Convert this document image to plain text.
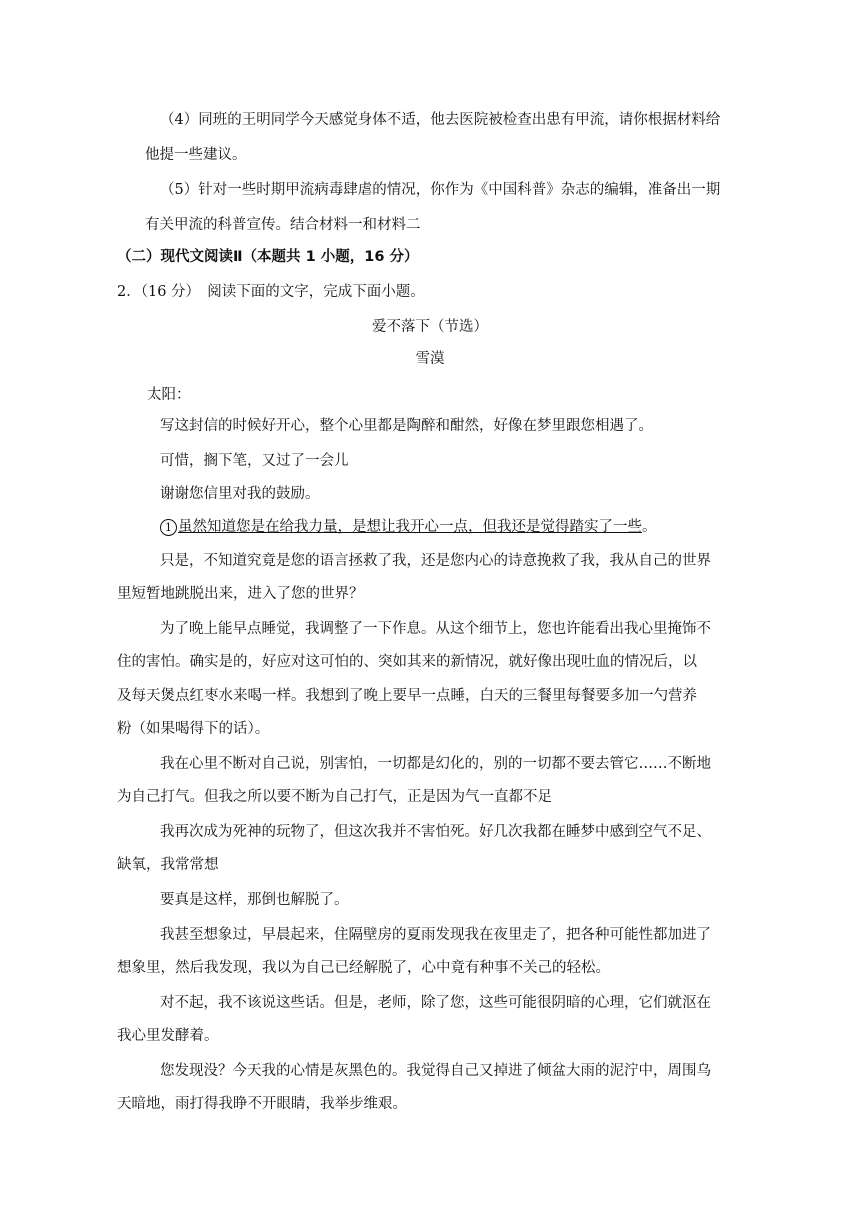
（4）同班的王明同学今天感觉身体不适，他去医院被检查出患有甲流，请你根据材料给
他提一些建议。
（5）针对一些时期甲流病毒肆虐的情况，你作为《中国科普》杂志的编辑，准备出一期
有关甲流的科普宣传。结合材料一和材料二
（二）现代文阅读Ⅱ（本题共 1 小题，16 分）
2．（16 分）　阅读下面的文字，完成下面小题。
爱不落下（节选）
雪漠
太阳：
写这封信的时候好开心，整个心里都是陶醉和酣然，好像在梦里跟您相遇了。
可惜，搁下笔，又过了一会儿
谢谢您信里对我的鼓励。
1 虽然知道您是在给我力量，是想让我开心一点，但我还是觉得踏实了一些。
只是，不知道究竟是您的语言拯救了我，还是您内心的诗意挽救了我，我从自己的世界
里短暂地跳脱出来，进入了您的世界？
为了晚上能早点睡觉，我调整了一下作息。从这个细节上，您也许能看出我心里掩饰不
住的害怕。确实是的，好应对这可怕的、突如其来的新情况，就好像出现吐血的情况后，以
及每天煲点红枣水来喝一样。我想到了晚上要早一点睡，白天的三餐里每餐要多加一勺营养
粉（如果喝得下的话）。
我在心里不断对自己说，别害怕，一切都是幻化的，别的一切都不要去管它……不断地
为自己打气。但我之所以要不断为自己打气，正是因为气一直都不足
我再次成为死神的玩物了，但这次我并不害怕死。好几次我都在睡梦中感到空气不足、
缺氧，我常常想
要真是这样，那倒也解脱了。
我甚至想象过，早晨起来，住隔壁房的夏雨发现我在夜里走了，把各种可能性都加进了
想象里，然后我发现，我以为自己已经解脱了，心中竟有种事不关己的轻松。
对不起，我不该说这些话。但是，老师，除了您，这些可能很阴暗的心理，它们就沤在
我心里发酵着。
您发现没？今天我的心情是灰黑色的。我觉得自己又掉进了倾盆大雨的泥泞中，周围乌
天暗地，雨打得我睁不开眼睛，我举步维艰。
